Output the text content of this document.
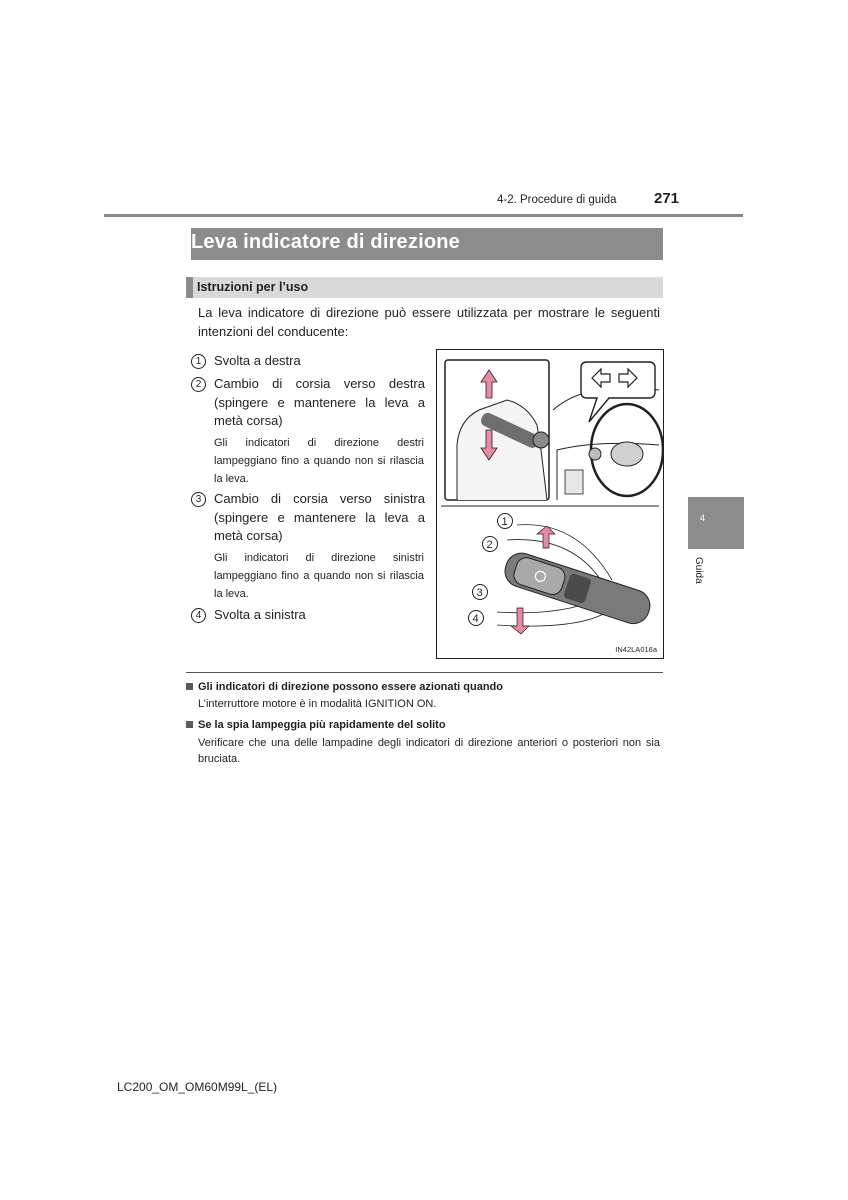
4-2. Procedure di guida 271
Leva indicatore di direzione
Istruzioni per l’uso
La leva indicatore di direzione può essere utilizzata per mostrare le seguenti intenzioni del conducente:
1 Svolta a destra
2 Cambio di corsia verso destra (spingere e mantenere la leva a metà corsa)
Gli indicatori di direzione destri lampeggiano fino a quando non si rilascia la leva.
3 Cambio di corsia verso sinistra (spingere e mantenere la leva a metà corsa)
Gli indicatori di direzione sinistri lampeggiano fino a quando non si rilascia la leva.
4 Svolta a sinistra
1
2
3
4
IN42LA016a
Gli indicatori di direzione possono essere azionati quando
L’interruttore motore è in modalità IGNITION ON.
Se la spia lampeggia più rapidamente del solito
Verificare che una delle lampadine degli indicatori di direzione anteriori o posteriori non sia bruciata.
4
Guida
LC200_OM_OM60M99L_(EL)
